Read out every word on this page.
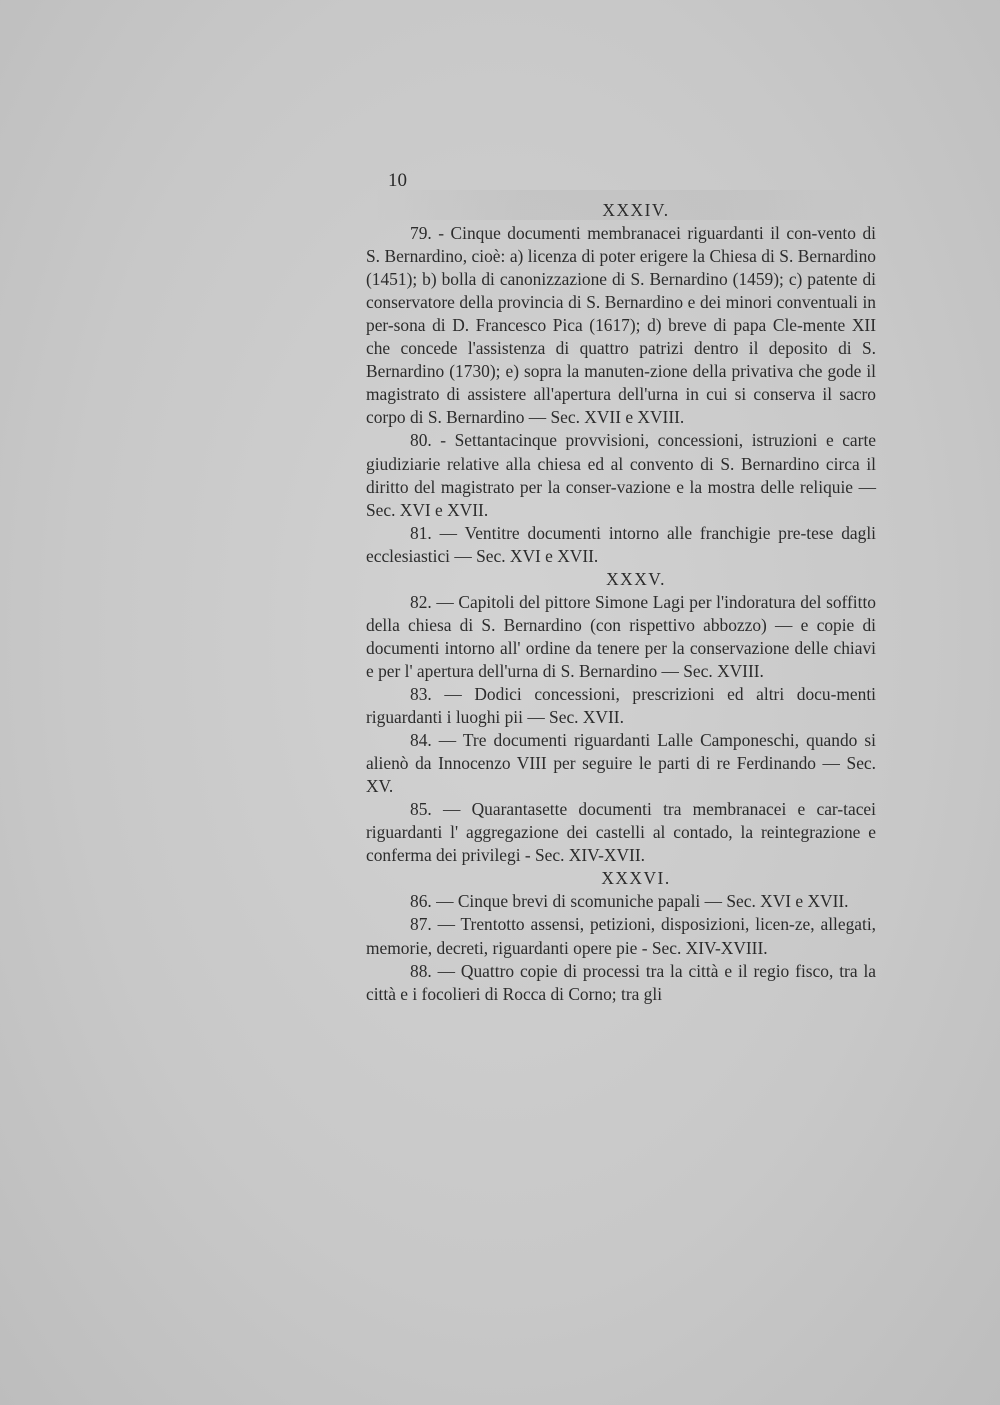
10

XXXIV.

79. - Cinque documenti membranacei riguardanti il con-vento di S. Bernardino, cioè: a) licenza di poter erigere la Chiesa di S. Bernardino (1451); b) bolla di canonizzazione di S. Bernardino (1459); c) patente di conservatore della provincia di S. Bernardino e dei minori conventuali in per-sona di D. Francesco Pica (1617); d) breve di papa Cle-mente XII che concede l'assistenza di quattro patrizi dentro il deposito di S. Bernardino (1730); e) sopra la manuten-zione della privativa che gode il magistrato di assistere all'apertura dell'urna in cui si conserva il sacro corpo di S. Bernardino — Sec. XVII e XVIII.

80. - Settantacinque provvisioni, concessioni, istruzioni e carte giudiziarie relative alla chiesa ed al convento di S. Bernardino circa il diritto del magistrato per la conser-vazione e la mostra delle reliquie — Sec. XVI e XVII.

81. — Ventitre documenti intorno alle franchigie pre-tese dagli ecclesiastici — Sec. XVI e XVII.

XXXV.

82. — Capitoli del pittore Simone Lagi per l'indoratura del soffitto della chiesa di S. Bernardino (con rispettivo abbozzo) — e copie di documenti intorno all' ordine da tenere per la conservazione delle chiavi e per l' apertura dell'urna di S. Bernardino — Sec. XVIII.

83. — Dodici concessioni, prescrizioni ed altri docu-menti riguardanti i luoghi pii — Sec. XVII.

84. — Tre documenti riguardanti Lalle Camponeschi, quando si alienò da Innocenzo VIII per seguire le parti di re Ferdinando — Sec. XV.

85. — Quarantasette documenti tra membranacei e car-tacei riguardanti l' aggregazione dei castelli al contado, la reintegrazione e conferma dei privilegi - Sec. XIV-XVII.

XXXVI.

86. — Cinque brevi di scomuniche papali — Sec. XVI e XVII.

87. — Trentotto assensi, petizioni, disposizioni, licen-ze, allegati, memorie, decreti, riguardanti opere pie - Sec. XIV-XVIII.

88. — Quattro copie di processi tra la città e il regio fisco, tra la città e i focolieri di Rocca di Corno; tra gli
